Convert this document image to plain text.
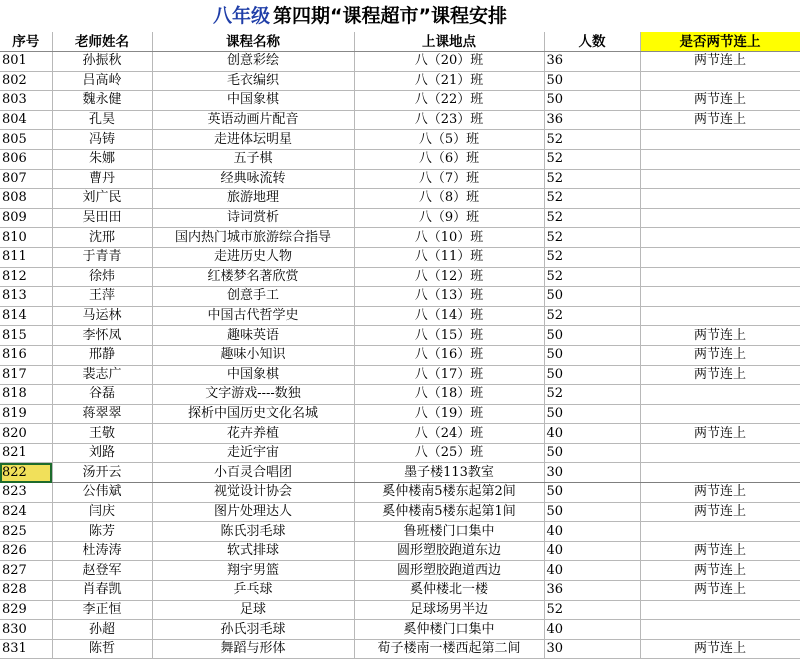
八年级 第四期“课程超市”课程安排
序号	老师姓名	课程名称	上课地点	人数	是否两节连上
801	孙振秋	创意彩绘	八（20）班	36	两节连上
802	吕高岭	毛衣编织	八（21）班	50	
803	魏永健	中国象棋	八（22）班	50	两节连上
804	孔昊	英语动画片配音	八（23）班	36	两节连上
805	冯铸	走进体坛明星	八（5）班	52	
806	朱娜	五子棋	八（6）班	52	
807	曹丹	经典咏流转	八（7）班	52	
808	刘广民	旅游地理	八（8）班	52	
809	吴田田	诗词赏析	八（9）班	52	
810	沈邢	国内热门城市旅游综合指导	八（10）班	52	
811	于青青	走进历史人物	八（11）班	52	
812	徐炜	红楼梦名著欣赏	八（12）班	52	
813	王萍	创意手工	八（13）班	50	
814	马运林	中国古代哲学史	八（14）班	52	
815	李怀凤	趣味英语	八（15）班	50	两节连上
816	邢静	趣味小知识	八（16）班	50	两节连上
817	裴志广	中国象棋	八（17）班	50	两节连上
818	谷磊	文字游戏----数独	八（18）班	52	
819	蒋翠翠	探析中国历史文化名城	八（19）班	50	
820	王敬	花卉养植	八（24）班	40	两节连上
821	刘路	走近宇宙	八（25）班	50	
822	汤开云	小百灵合唱团	墨子楼113教室	30	
823	公伟斌	视觉设计协会	奚仲楼南5楼东起第2间	50	两节连上
824	闫庆	图片处理达人	奚仲楼南5楼东起第1间	50	两节连上
825	陈芳	陈氏羽毛球	鲁班楼门口集中	40	
826	杜涛涛	软式排球	圆形塑胶跑道东边	40	两节连上
827	赵登军	翔宇男篮	圆形塑胶跑道西边	40	两节连上
828	肖春凯	乒乓球	奚仲楼北一楼	36	两节连上
829	李正恒	足球	足球场男半边	52	
830	孙超	孙氏羽毛球	奚仲楼门口集中	40	
831	陈哲	舞蹈与形体	荀子楼南一楼西起第二间	30	两节连上
